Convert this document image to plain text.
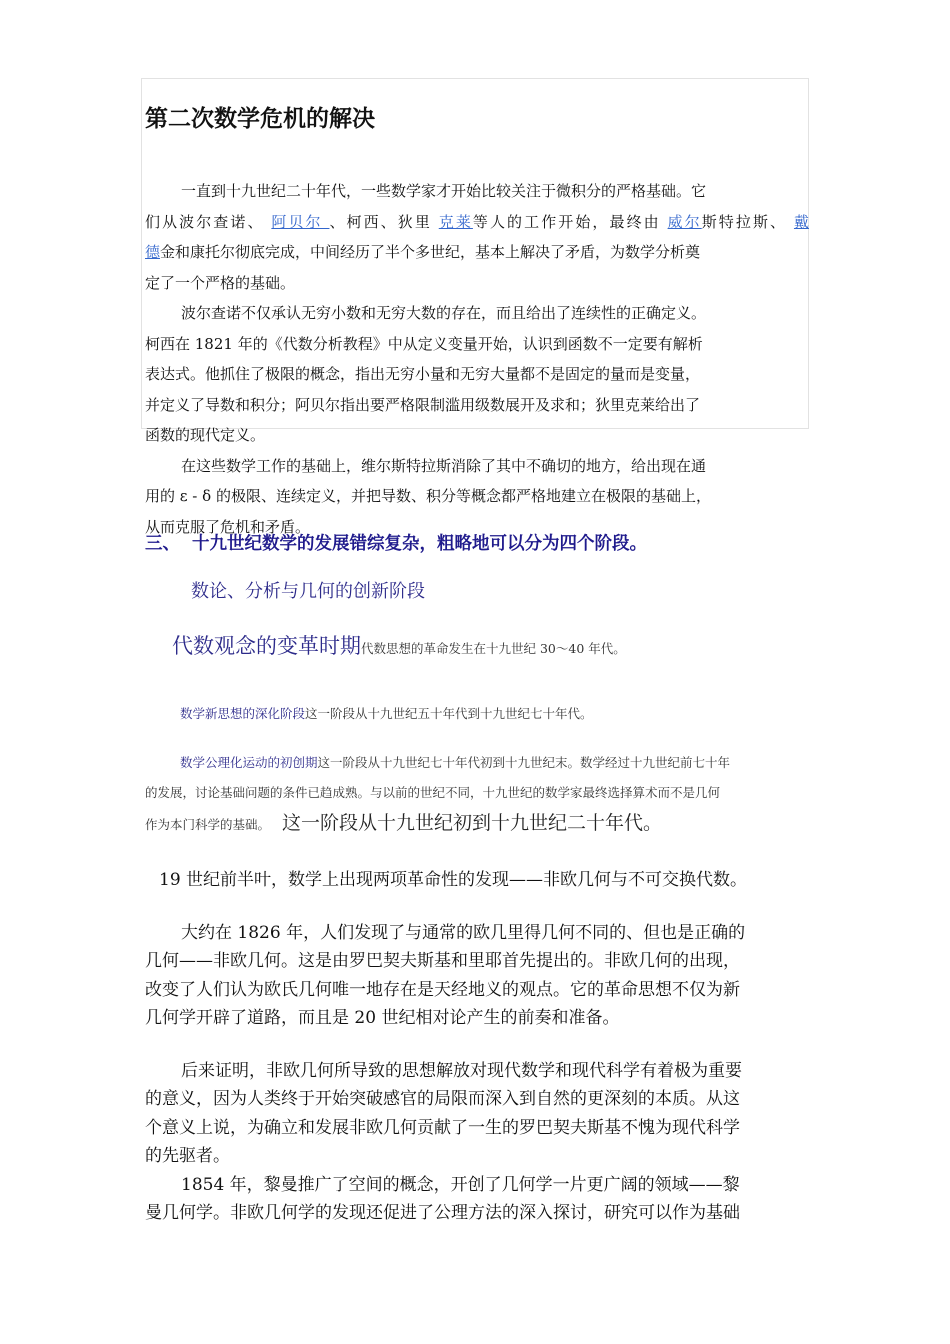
第二次数学危机的解决
一直到十九世纪二十年代，一些数学家才开始比较关注于微积分的严格基础。它
们从波尔查诺、 阿贝尔 、柯西、狄里 克莱等人的工作开始，最终由 威尔斯特拉斯、 戴
德金和康托尔彻底完成，中间经历了半个多世纪，基本上解决了矛盾，为数学分析奠
定了一个严格的基础。
波尔查诺不仅承认无穷小数和无穷大数的存在，而且给出了连续性的正确定义。
柯西在 1821 年的《代数分析教程》中从定义变量开始，认识到函数不一定要有解析
表达式。他抓住了极限的概念，指出无穷小量和无穷大量都不是固定的量而是变量，
并定义了导数和积分；阿贝尔指出要严格限制滥用级数展开及求和；狄里克莱给出了
函数的现代定义。
在这些数学工作的基础上，维尔斯特拉斯消除了其中不确切的地方，给出现在通
用的 ε - δ 的极限、连续定义，并把导数、积分等概念都严格地建立在极限的基础上，
从而克服了危机和矛盾。
三、 十九世纪数学的发展错综复杂，粗略地可以分为四个阶段。

数论、分析与几何的创新阶段

代数观念的变革时期代数思想的革命发生在十九世纪 30～40 年代。

数学新思想的深化阶段这一阶段从十九世纪五十年代到十九世纪七十年代。

数学公理化运动的初创期这一阶段从十九世纪七十年代初到十九世纪末。数学经过十九世纪前七十年
的发展，讨论基础问题的条件已趋成熟。与以前的世纪不同，十九世纪的数学家最终选择算术而不是几何
作为本门科学的基础。 这一阶段从十九世纪初到十九世纪二十年代。
19 世纪前半叶，数学上出现两项革命性的发现——非欧几何与不可交换代数。
大约在 1826 年，人们发现了与通常的欧几里得几何不同的、但也是正确的
几何——非欧几何。这是由罗巴契夫斯基和里耶首先提出的。非欧几何的出现，
改变了人们认为欧氏几何唯一地存在是天经地义的观点。它的革命思想不仅为新
几何学开辟了道路，而且是 20 世纪相对论产生的前奏和准备。
后来证明，非欧几何所导致的思想解放对现代数学和现代科学有着极为重要
的意义，因为人类终于开始突破感官的局限而深入到自然的更深刻的本质。从这
个意义上说，为确立和发展非欧几何贡献了一生的罗巴契夫斯基不愧为现代科学
的先驱者。
1854 年，黎曼推广了空间的概念，开创了几何学一片更广阔的领域——黎
曼几何学。非欧几何学的发现还促进了公理方法的深入探讨，研究可以作为基础
